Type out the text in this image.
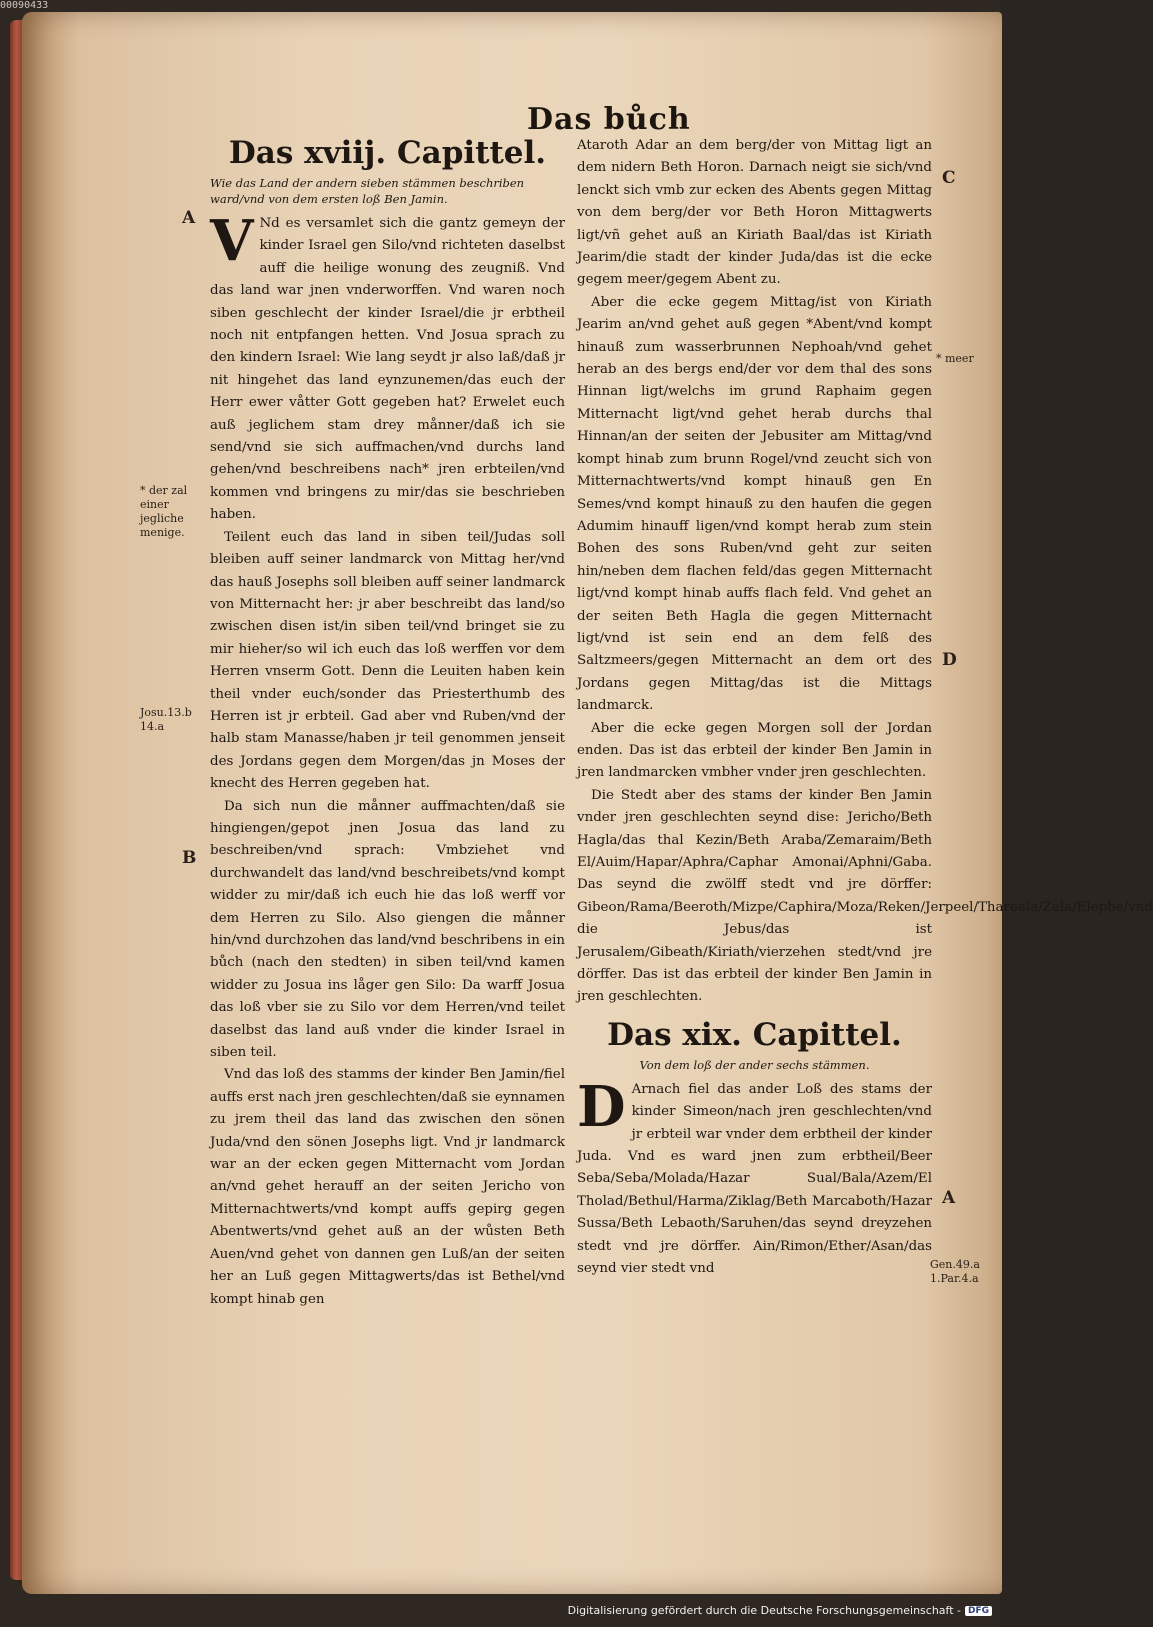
00090433
Das bůch
Das xviij. Capittel.
Wie das Land der andern sieben stämmen beschriben ward/vnd von dem ersten loß Ben Jamin.
V Nd es versamlet sich die gantz gemeyn der kinder Israel gen Silo/vnd richteten daselbst auff die heilige wonung des zeugniß. Vnd das land war jnen vnderworffen. Vnd waren noch siben geschlecht der kinder Israel/die jr erbtheil noch nit entpfangen hetten. Vnd Josua sprach zu den kindern Israel: Wie lang seydt jr also laß/daß jr nit hingehet das land eynzunemen/das euch der Herr ewer våtter Gott gegeben hat? Erwelet euch auß jeglichem stam drey månner/daß ich sie send/vnd sie sich auffmachen/vnd durchs land gehen/vnd beschreibens nach* jren erbteilen/vnd kommen vnd bringens zu mir/das sie beschrieben haben.

Teilent euch das land in siben teil/Judas soll bleiben auff seiner landmarck von Mittag her/vnd das hauß Josephs soll bleiben auff seiner landmarck von Mitternacht her: jr aber beschreibt das land/so zwischen disen ist/in siben teil/vnd bringet sie zu mir hieher/so wil ich euch das loß werffen vor dem Herren vnserm Gott. Denn die Leuiten haben kein theil vnder euch/sonder das Priesterthumb des Herren ist jr erbteil. Gad aber vnd Ruben/vnd der halb stam Manasse/haben jr teil genommen jenseit des Jordans gegen dem Morgen/das jn Moses der knecht des Herren gegeben hat.

Da sich nun die månner auffmachten/daß sie hingiengen/gepot jnen Josua das land zu beschreiben/vnd sprach: Vmbziehet vnd durchwandelt das land/vnd beschreibets/vnd kompt widder zu mir/daß ich euch hie das loß werff vor dem Herren zu Silo. Also giengen die månner hin/vnd durchzohen das land/vnd beschribens in ein bůch (nach den stedten) in siben teil/vnd kamen widder zu Josua ins låger gen Silo: Da warff Josua das loß vber sie zu Silo vor dem Herren/vnd teilet daselbst das land auß vnder die kinder Israel in siben teil.

Vnd das loß des stamms der kinder Ben Jamin/fiel auffs erst nach jren geschlechten/daß sie eynnamen zu jrem theil das land das zwischen den sönen Juda/vnd den sönen Josephs ligt. Vnd jr landmarck war an der ecken gegen Mitternacht vom Jordan an/vnd gehet herauff an der seiten Jericho von Mitternachtwerts/vnd kompt auffs gepirg gegen Abentwerts/vnd gehet auß an der wůsten Beth Auen/vnd gehet von dannen gen Luß/an der seiten her an Luß gegen Mittagwerts/das ist Bethel/vnd kompt hinab gen

Ataroth Adar an dem berg/der von Mittag ligt an dem nidern Beth Horon. Darnach neigt sie sich/vnd lenckt sich vmb zur ecken des Abents gegen Mittag von dem berg/der vor Beth Horon Mittagwerts ligt/vñ gehet auß an Kiriath Baal/das ist Kiriath Jearim/die stadt der kinder Juda/das ist die ecke gegem meer/gegem Abent zu.

Aber die ecke gegem Mittag/ist von Kiriath Jearim an/vnd gehet auß gegen *Abent/vnd kompt hinauß zum wasserbrunnen Nephoah/vnd gehet herab an des bergs end/der vor dem thal des sons Hinnan ligt/welchs im grund Raphaim gegen Mitternacht ligt/vnd gehet herab durchs thal Hinnan/an der seiten der Jebusiter am Mittag/vnd kompt hinab zum brunn Rogel/vnd zeucht sich von Mitternachtwerts/vnd kompt hinauß gen En Semes/vnd kompt hinauß zu den haufen die gegen Adumim hinauff ligen/vnd kompt herab zum stein Bohen des sons Ruben/vnd geht zur seiten hin/neben dem flachen feld/das gegen Mitternacht ligt/vnd kompt hinab auffs flach feld. Vnd gehet an der seiten Beth Hagla die gegen Mitternacht ligt/vnd ist sein end an dem felß des Saltzmeers/gegen Mitternacht an dem ort des Jordans gegen Mittag/das ist die Mittags landmarck.

Aber die ecke gegen Morgen soll der Jordan enden. Das ist das erbteil der kinder Ben Jamin in jren landmarcken vmbher vnder jren geschlechten.

Die Stedt aber des stams der kinder Ben Jamin vnder jren geschlechten seynd dise: Jericho/Beth Hagla/das thal Kezin/Beth Araba/Zemaraim/Beth El/Auim/Hapar/Aphra/Caphar Amonai/Aphni/Gaba. Das seynd die zwölff stedt vnd jre dörffer: Gibeon/Rama/Beeroth/Mizpe/Caphira/Moza/Reken/Jerpeel/Thareala/Zela/Elephe/vnd die Jebus/das ist Jerusalem/Gibeath/Kiriath/vierzehen stedt/vnd jre dörffer. Das ist das erbteil der kinder Ben Jamin in jren geschlechten.

Das xix. Capittel.
Von dem loß der ander sechs stämmen.
D Arnach fiel das ander Loß des stams der kinder Simeon/nach jren geschlechten/vnd jr erbteil war vnder dem erbtheil der kinder Juda. Vnd es ward jnen zum erbtheil/Beer Seba/Seba/Molada/Hazar Sual/Bala/Azem/El Tholad/Bethul/Harma/Ziklag/Beth Marcaboth/Hazar Sussa/Beth Lebaoth/Saruhen/das seynd dreyzehen stedt vnd jre dörffer. Ain/Rimon/Ether/Asan/das seynd vier stedt vnd

A
* der zal einer jegliche menige.
Josu.13.b 14.a
B
C
* meer
D
A
Gen.49.a 1.Par.4.a
Digitalisierung gefördert durch die Deutsche Forschungsgemeinschaft - DFG
